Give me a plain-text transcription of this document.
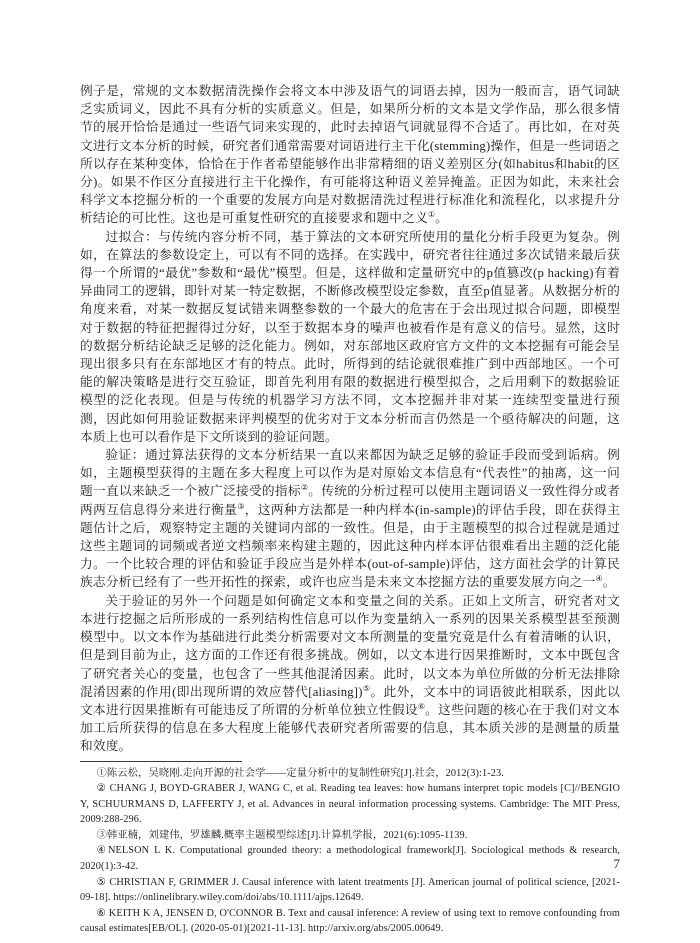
例子是，常规的文本数据清洗操作会将文本中涉及语气的词语去掉，因为一般而言，语气词缺乏实质词义，因此不具有分析的实质意义。但是，如果所分析的文本是文学作品，那么很多情节的展开恰恰是通过一些语气词来实现的，此时去掉语气词就显得不合适了。再比如，在对英文进行文本分析的时候，研究者们通常需要对词语进行主干化(stemming)操作，但是一些词语之所以存在某种变体，恰恰在于作者希望能够作出非常精细的语义差别区分(如habitus和habit的区分)。如果不作区分直接进行主干化操作，有可能将这种语义差异掩盖。正因为如此，未来社会科学文本挖掘分析的一个重要的发展方向是对数据清洗过程进行标准化和流程化，以求提升分析结论的可比性。这也是可重复性研究的直接要求和题中之义①。

过拟合：与传统内容分析不同，基于算法的文本研究所使用的量化分析手段更为复杂。例如，在算法的参数设定上，可以有不同的选择。在实践中，研究者往往通过多次试错来最后获得一个所谓的“最优”参数和“最优”模型。但是，这样做和定量研究中的p值篡改(p hacking)有着异曲同工的逻辑，即针对某一特定数据，不断修改模型设定参数，直至p值显著。从数据分析的角度来看，对某一数据反复试错来调整参数的一个最大的危害在于会出现过拟合问题，即模型对于数据的特征把握得过分好，以至于数据本身的噪声也被看作是有意义的信号。显然，这时的数据分析结论缺乏足够的泛化能力。例如，对东部地区政府官方文件的文本挖掘有可能会呈现出很多只有在东部地区才有的特点。此时，所得到的结论就很难推广到中西部地区。一个可能的解决策略是进行交互验证，即首先利用有限的数据进行模型拟合，之后用剩下的数据验证模型的泛化表现。但是与传统的机器学习方法不同，文本挖掘并非对某一连续型变量进行预测，因此如何用验证数据来评判模型的优劣对于文本分析而言仍然是一个亟待解决的问题，这本质上也可以看作是下文所谈到的验证问题。

验证：通过算法获得的文本分析结果一直以来都因为缺乏足够的验证手段而受到诟病。例如，主题模型获得的主题在多大程度上可以作为是对原始文本信息有“代表性”的抽离，这一问题一直以来缺乏一个被广泛接受的指标②。传统的分析过程可以使用主题词语义一致性得分或者两两互信息得分来进行衡量③，这两种方法都是一种内样本(in-sample)的评估手段，即在获得主题估计之后，观察特定主题的关键词内部的一致性。但是，由于主题模型的拟合过程就是通过这些主题词的词频或者逆文档频率来构建主题的，因此这种内样本评估很难看出主题的泛化能力。一个比较合理的评估和验证手段应当是外样本(out-of-sample)评估，这方面社会学的计算民族志分析已经有了一些开拓性的探索，或许也应当是未来文本挖掘方法的重要发展方向之一④。

关于验证的另外一个问题是如何确定文本和变量之间的关系。正如上文所言，研究者对文本进行挖掘之后所形成的一系列结构性信息可以作为变量纳入一系列的因果关系模型甚至预测模型中。以文本作为基础进行此类分析需要对文本所测量的变量究竟是什么有着清晰的认识，但是到目前为止，这方面的工作还有很多挑战。例如，以文本进行因果推断时，文本中既包含了研究者关心的变量，也包含了一些其他混淆因素。此时，以文本为单位所做的分析无法排除混淆因素的作用(即出现所谓的效应替代[aliasing])⑤。此外，文本中的词语彼此相联系，因此以文本进行因果推断有可能违反了所谓的分析单位独立性假设⑥。这些问题的核心在于我们对文本加工后所获得的信息在多大程度上能够代表研究者所需要的信息，其本质关涉的是测量的质量和效度。

①陈云松，吴晓刚.走向开源的社会学——定量分析中的复制性研究[J].社会，2012(3):1-23.

② CHANG J, BOYD-GRABER J, WANG C, et al. Reading tea leaves: how humans interpret topic models [C]//BENGIO Y, SCHUURMANS D, LAFFERTY J, et al. Advances in neural information processing systems. Cambridge: The MIT Press, 2009:288-296.

③韩亚楠，刘建伟，罗雄麟.概率主题模型综述[J].计算机学报，2021(6):1095-1139.

④NELSON L K. Computational grounded theory: a methodological framework[J]. Sociological methods & research, 2020(1):3-42.

⑤ CHRISTIAN F, GRIMMER J. Causal inference with latent treatments [J]. American journal of political science, [2021-09-18]. https://onlinelibrary.wiley.com/doi/abs/10.1111/ajps.12649.

⑥ KEITH K A, JENSEN D, O'CONNOR B. Text and causal inference: A review of using text to remove confounding from causal estimates[EB/OL]. (2020-05-01)[2021-11-13]. http://arxiv.org/abs/2005.00649.

7
